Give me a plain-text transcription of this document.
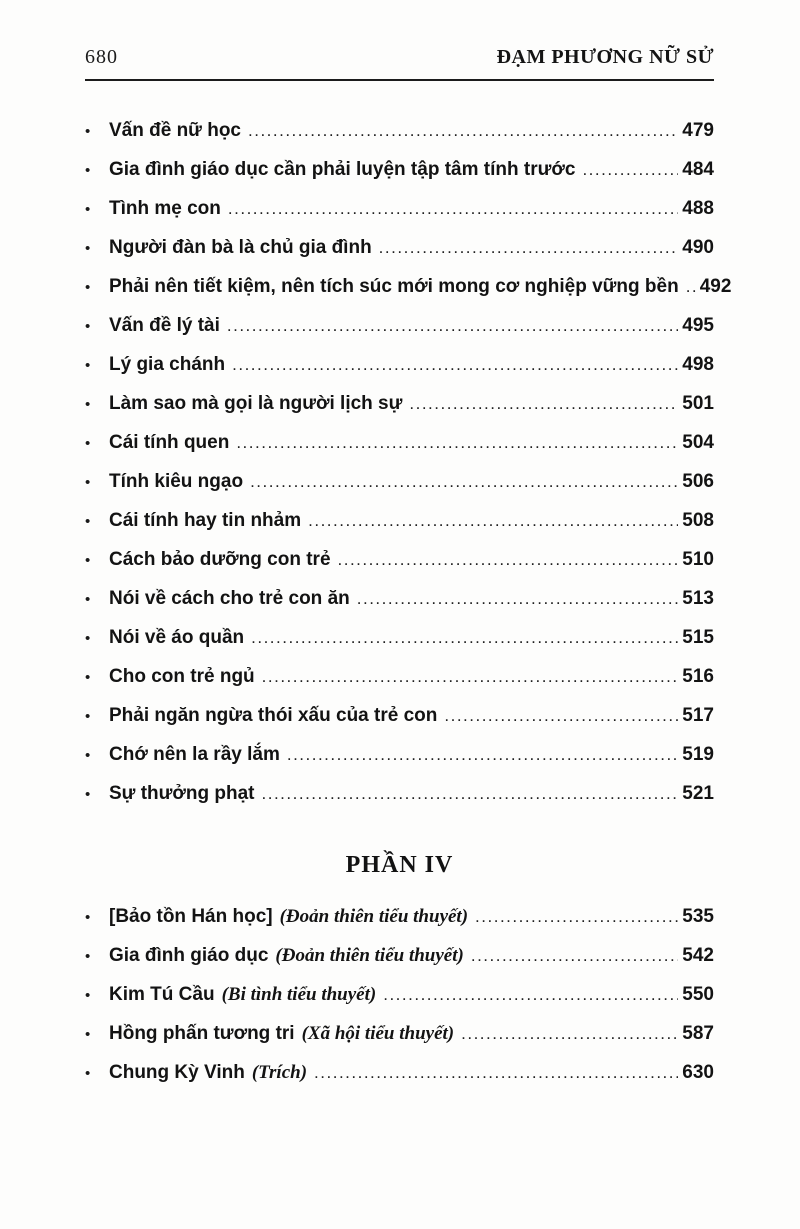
680	ĐẠM PHƯƠNG NỮ SỬ
• Vấn đề nữ học .....	479
• Gia đình giáo dục cần phải luyện tập tâm tính trước .....	484
• Tình mẹ con .....	488
• Người đàn bà là chủ gia đình .....	490
• Phải nên tiết kiệm, nên tích súc mới mong cơ nghiệp vững bền ..... 492
• Vấn đề lý tài .....	495
• Lý gia chánh .....	498
• Làm sao mà gọi là người lịch sự .....	501
• Cái tính quen .....	504
• Tính kiêu ngạo .....	506
• Cái tính hay tin nhảm .....	508
• Cách bảo dưỡng con trẻ .....	510
• Nói về cách cho trẻ con ăn .....	513
• Nói về áo quần .....	515
• Cho con trẻ ngủ .....	516
• Phải ngăn ngừa thói xấu của trẻ con .....	517
• Chớ nên la rầy lắm .....	519
• Sự thưởng phạt .....	521
PHẦN IV
• [Bảo tồn Hán học] (Đoản thiên tiểu thuyết) .....	535
• Gia đình giáo dục (Đoản thiên tiểu thuyết) .....	542
• Kim Tú Cầu (Bi tình tiểu thuyết) .....	550
• Hồng phấn tương tri (Xã hội tiểu thuyết) .....	587
• Chung Kỳ Vinh (Trích) .....	630
